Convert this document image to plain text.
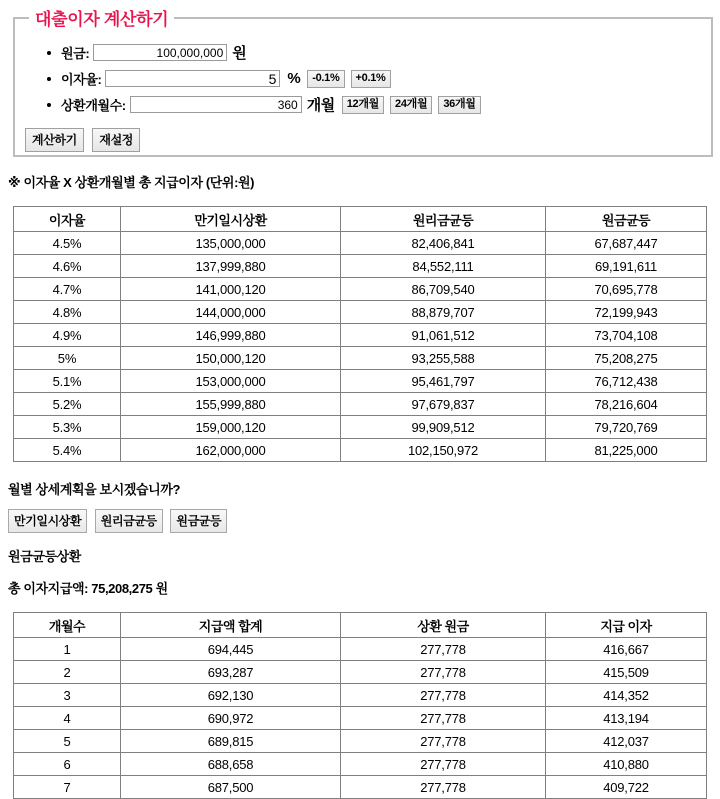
대출이자 계산하기
원금:
100,000,000	원
이자율:
5	%	-0.1%	+0.1%
상환개월수:
360	개월	12개월	24개월	36개월
계산하기 재설정
※ 이자율 X 상환개월별 총 지급이자 (단위:원)
이자율	만기일시상환	원리금균등	원금균등
4.5%	135,000,000	82,406,841	67,687,447
4.6%	137,999,880	84,552,111	69,191,611
4.7%	141,000,120	86,709,540	70,695,778
4.8%	144,000,000	88,879,707	72,199,943
4.9%	146,999,880	91,061,512	73,704,108
5%	150,000,120	93,255,588	75,208,275
5.1%	153,000,000	95,461,797	76,712,438
5.2%	155,999,880	97,679,837	78,216,604
5.3%	159,000,120	99,909,512	79,720,769
5.4%	162,000,000	102,150,972	81,225,000
월별 상세계획을 보시겠습니까?
만기일시상환 원리금균등 원금균등
원금균등상환
총 이자지급액: 75,208,275 원
개월수	지급액 합계	상환 원금	지급 이자
1	694,445	277,778	416,667
2	693,287	277,778	415,509
3	692,130	277,778	414,352
4	690,972	277,778	413,194
5	689,815	277,778	412,037
6	688,658	277,778	410,880
7	687,500	277,778	409,722
